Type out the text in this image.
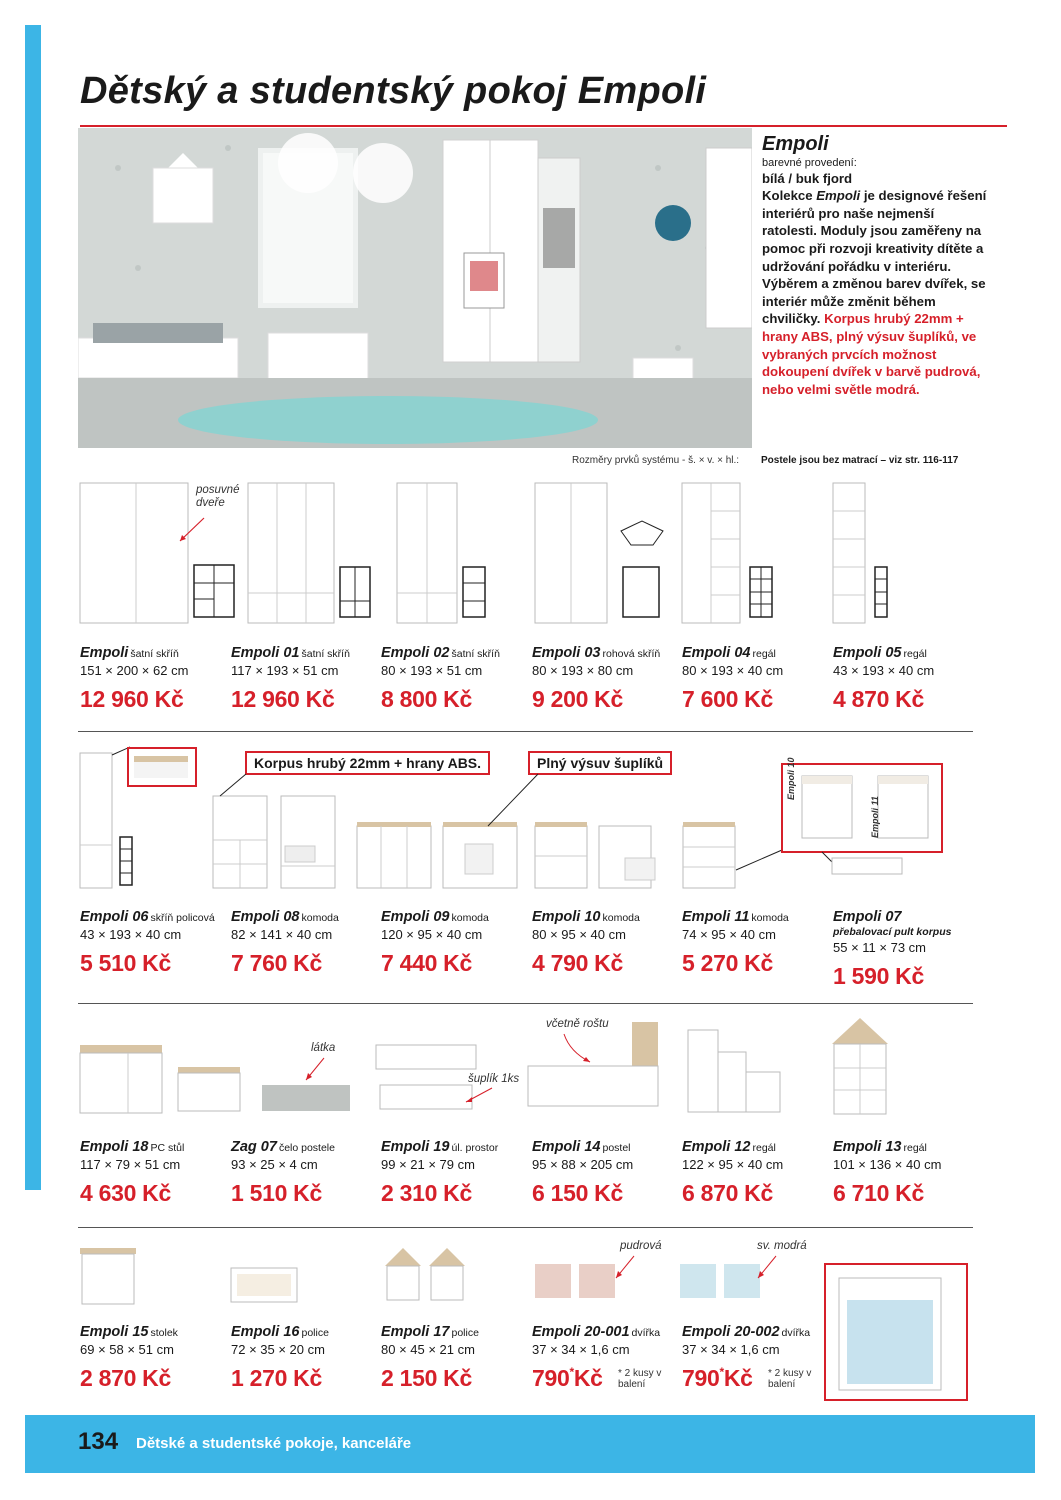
Dětský a studentský pokoj Empoli
Empoli
barevné provedení:
bílá / buk fjord
Kolekce Empoli je designové řešení interiérů pro naše nejmenší ratolesti. Moduly jsou zaměřeny na pomoc při rozvoji kreativity dítěte a udržování pořádku v interiéru. Výběrem a změnou barev dvířek, se interiér může změnit během chviličky. Korpus hrubý 22mm + hrany ABS, plný výsuv šuplíků, ve vybraných prvcích možnost dokoupení dvířek v barvě pudrová, nebo velmi světle modrá.
Rozměry prvků systému - š. × v. × hl.: Postele jsou bez matrací – viz str. 116-117
posuvné
dveře
Empoli 10
Empoli 11
Korpus hrubý 22mm + hrany ABS.	Plný výsuv šuplíků
látka
šuplík 1ks
včetně roštu
pudrová	sv. modrá
Empoli šatní skříň
151 × 200 × 62 cm
12 960 Kč
Empoli 01 šatní skříň
117 × 193 × 51 cm
12 960 Kč
Empoli 02 šatní skříň
80 × 193 × 51 cm
8 800 Kč
Empoli 03 rohová skříň
80 × 193 × 80 cm
9 200 Kč
Empoli 04 regál
80 × 193 × 40 cm
7 600 Kč
Empoli 05 regál
43 × 193 × 40 cm
4 870 Kč
Empoli 06 skříň policová
43 × 193 × 40 cm
5 510 Kč
Empoli 08 komoda
82 × 141 × 40 cm
7 760 Kč
Empoli 09 komoda
120 × 95 × 40 cm
7 440 Kč
Empoli 10 komoda
80 × 95 × 40 cm
4 790 Kč
Empoli 11 komoda
74 × 95 × 40 cm
5 270 Kč
Empoli 07
přebalovací pult korpus
55 × 11 × 73 cm
1 590 Kč
Empoli 18 PC stůl
117 × 79 × 51 cm
4 630 Kč
Zag 07 čelo postele
93 × 25 × 4 cm
1 510 Kč
Empoli 19 úl. prostor
99 × 21 × 79 cm
2 310 Kč
Empoli 14 postel
95 × 88 × 205 cm
6 150 Kč
Empoli 12 regál
122 × 95 × 40 cm
6 870 Kč
Empoli 13 regál
101 × 136 × 40 cm
6 710 Kč
Empoli 15 stolek
69 × 58 × 51 cm
2 870 Kč
Empoli 16 police
72 × 35 × 20 cm
1 270 Kč
Empoli 17 police
80 × 45 × 21 cm
2 150 Kč
Empoli 20-001 dvířka
37 × 34 × 1,6 cm
790*Kč	* 2 kusy v balení
Empoli 20-002 dvířka
37 × 34 × 1,6 cm
790*Kč	* 2 kusy v balení
134 Dětské a studentské pokoje, kanceláře
